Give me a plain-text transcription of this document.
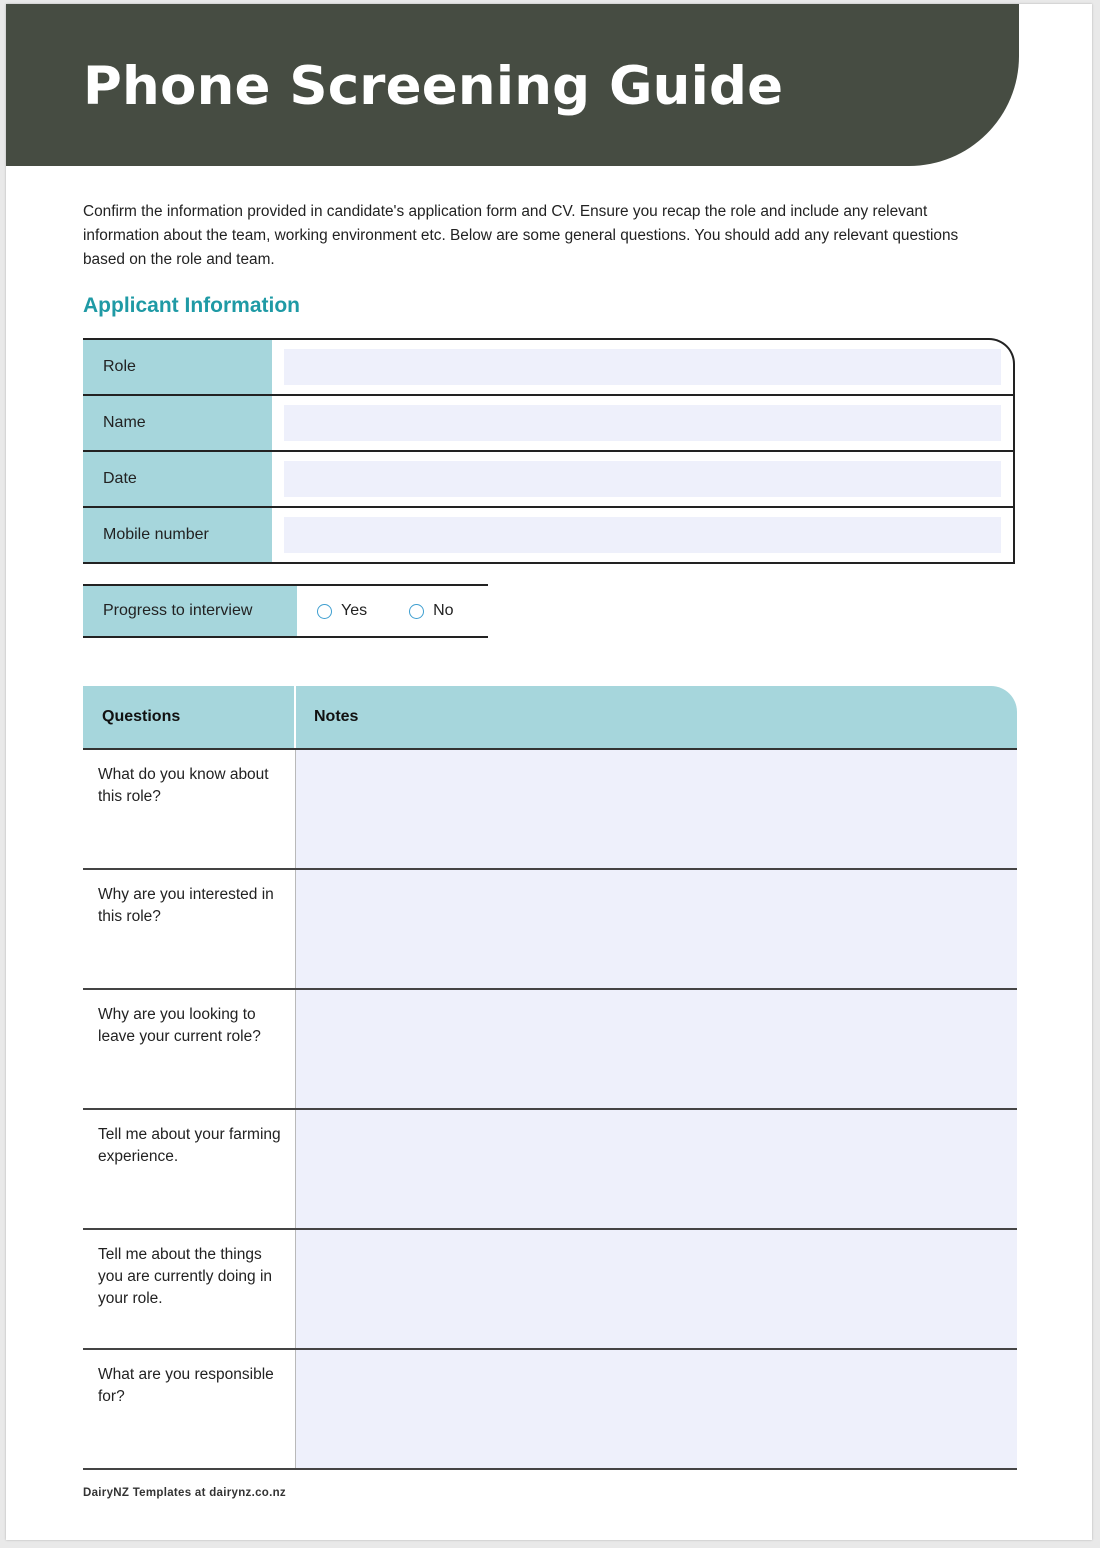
Phone Screening Guide

Confirm the information provided in candidate's application form and CV. Ensure you recap the role and include any relevant information about the team, working environment etc. Below are some general questions. You should add any relevant questions based on the role and team.

Applicant Information
Role
Name
Date
Mobile number
Progress to interview	Yes	No
Questions	Notes
What do you know about this role?
Why are you interested in this role?
Why are you looking to leave your current role?
Tell me about your farming experience.
Tell me about the things you are currently doing in your role.
What are you responsible for?

DairyNZ Templates at dairynz.co.nz
